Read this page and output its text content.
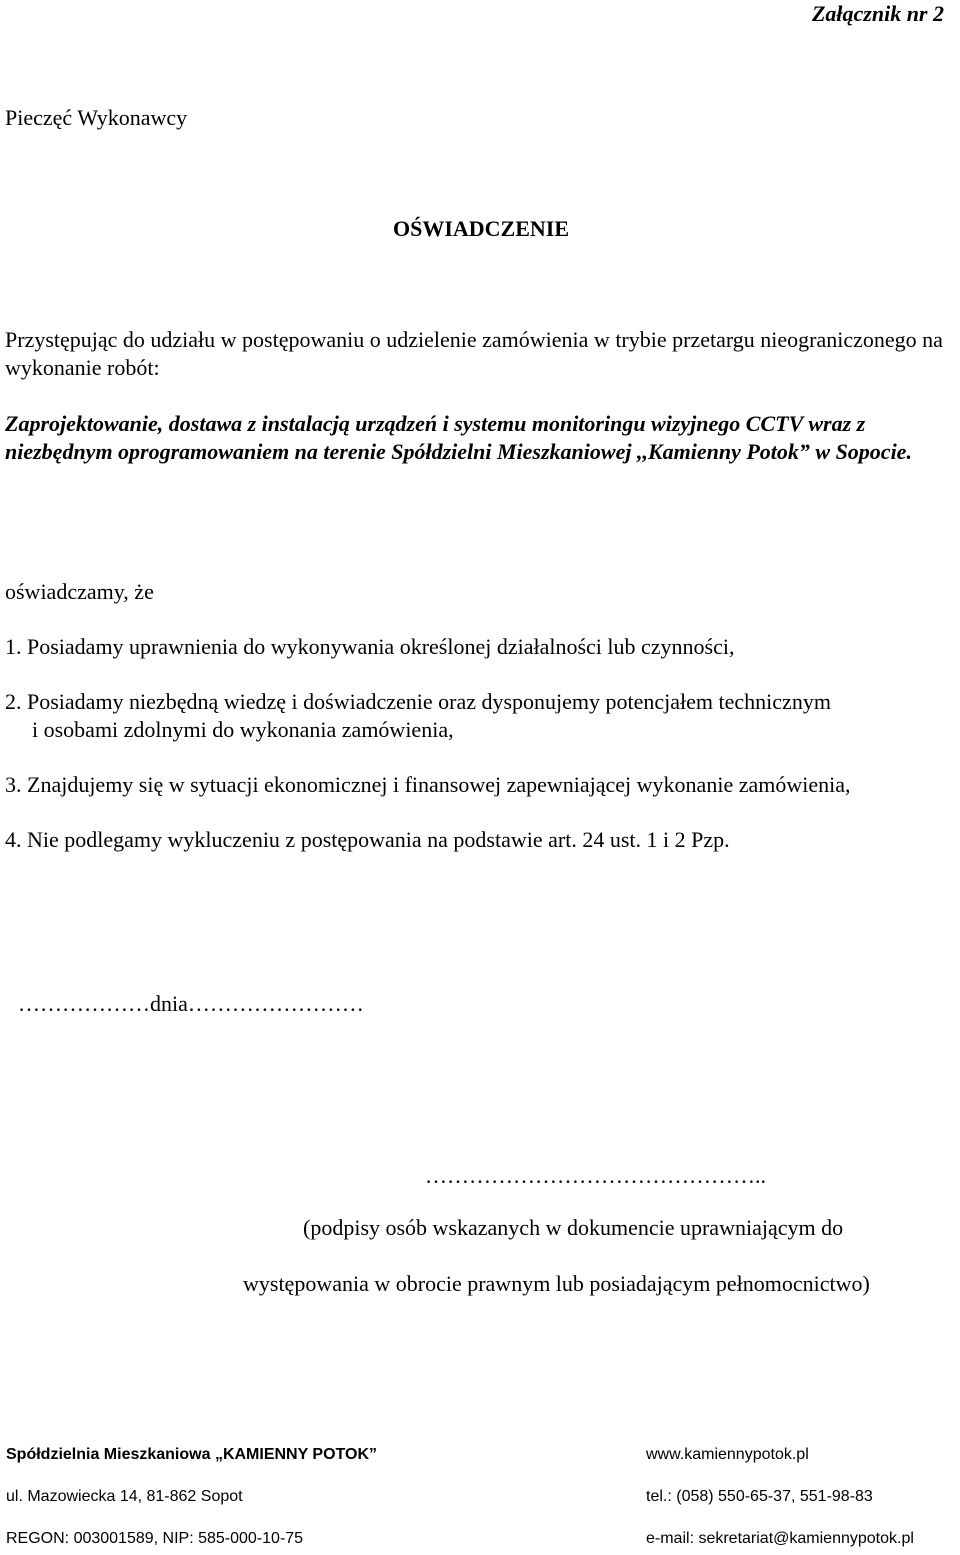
Załącznik nr 2
Pieczęć Wykonawcy
OŚWIADCZENIE
Przystępując do udziału w postępowaniu o udzielenie zamówienia w trybie przetargu nieograniczonego na wykonanie robót:
Zaprojektowanie, dostawa z instalacją urządzeń i systemu monitoringu wizyjnego CCTV wraz z niezbędnym oprogramowaniem na terenie Spółdzielni Mieszkaniowej ,,Kamienny Potok” w Sopocie.
oświadczamy, że
1. Posiadamy uprawnienia do wykonywania określonej działalności lub czynności,
2. Posiadamy niezbędną wiedzę i doświadczenie oraz dysponujemy potencjałem technicznym
i osobami zdolnymi do wykonania zamówienia,
3. Znajdujemy się w sytuacji ekonomicznej i finansowej zapewniającej wykonanie zamówienia,
4. Nie podlegamy wykluczeniu z postępowania na podstawie art. 24 ust. 1 i 2 Pzp.
………………dnia……………………
………………………………………..
(podpisy osób wskazanych w dokumencie uprawniającym do
występowania w obrocie prawnym lub posiadającym pełnomocnictwo)
Spółdzielnia Mieszkaniowa „KAMIENNY POTOK”	www.kamiennypotok.pl
ul. Mazowiecka 14, 81-862 Sopot	tel.: (058) 550-65-37, 551-98-83
REGON: 003001589, NIP: 585-000-10-75	e-mail: sekretariat@kamiennypotok.pl
